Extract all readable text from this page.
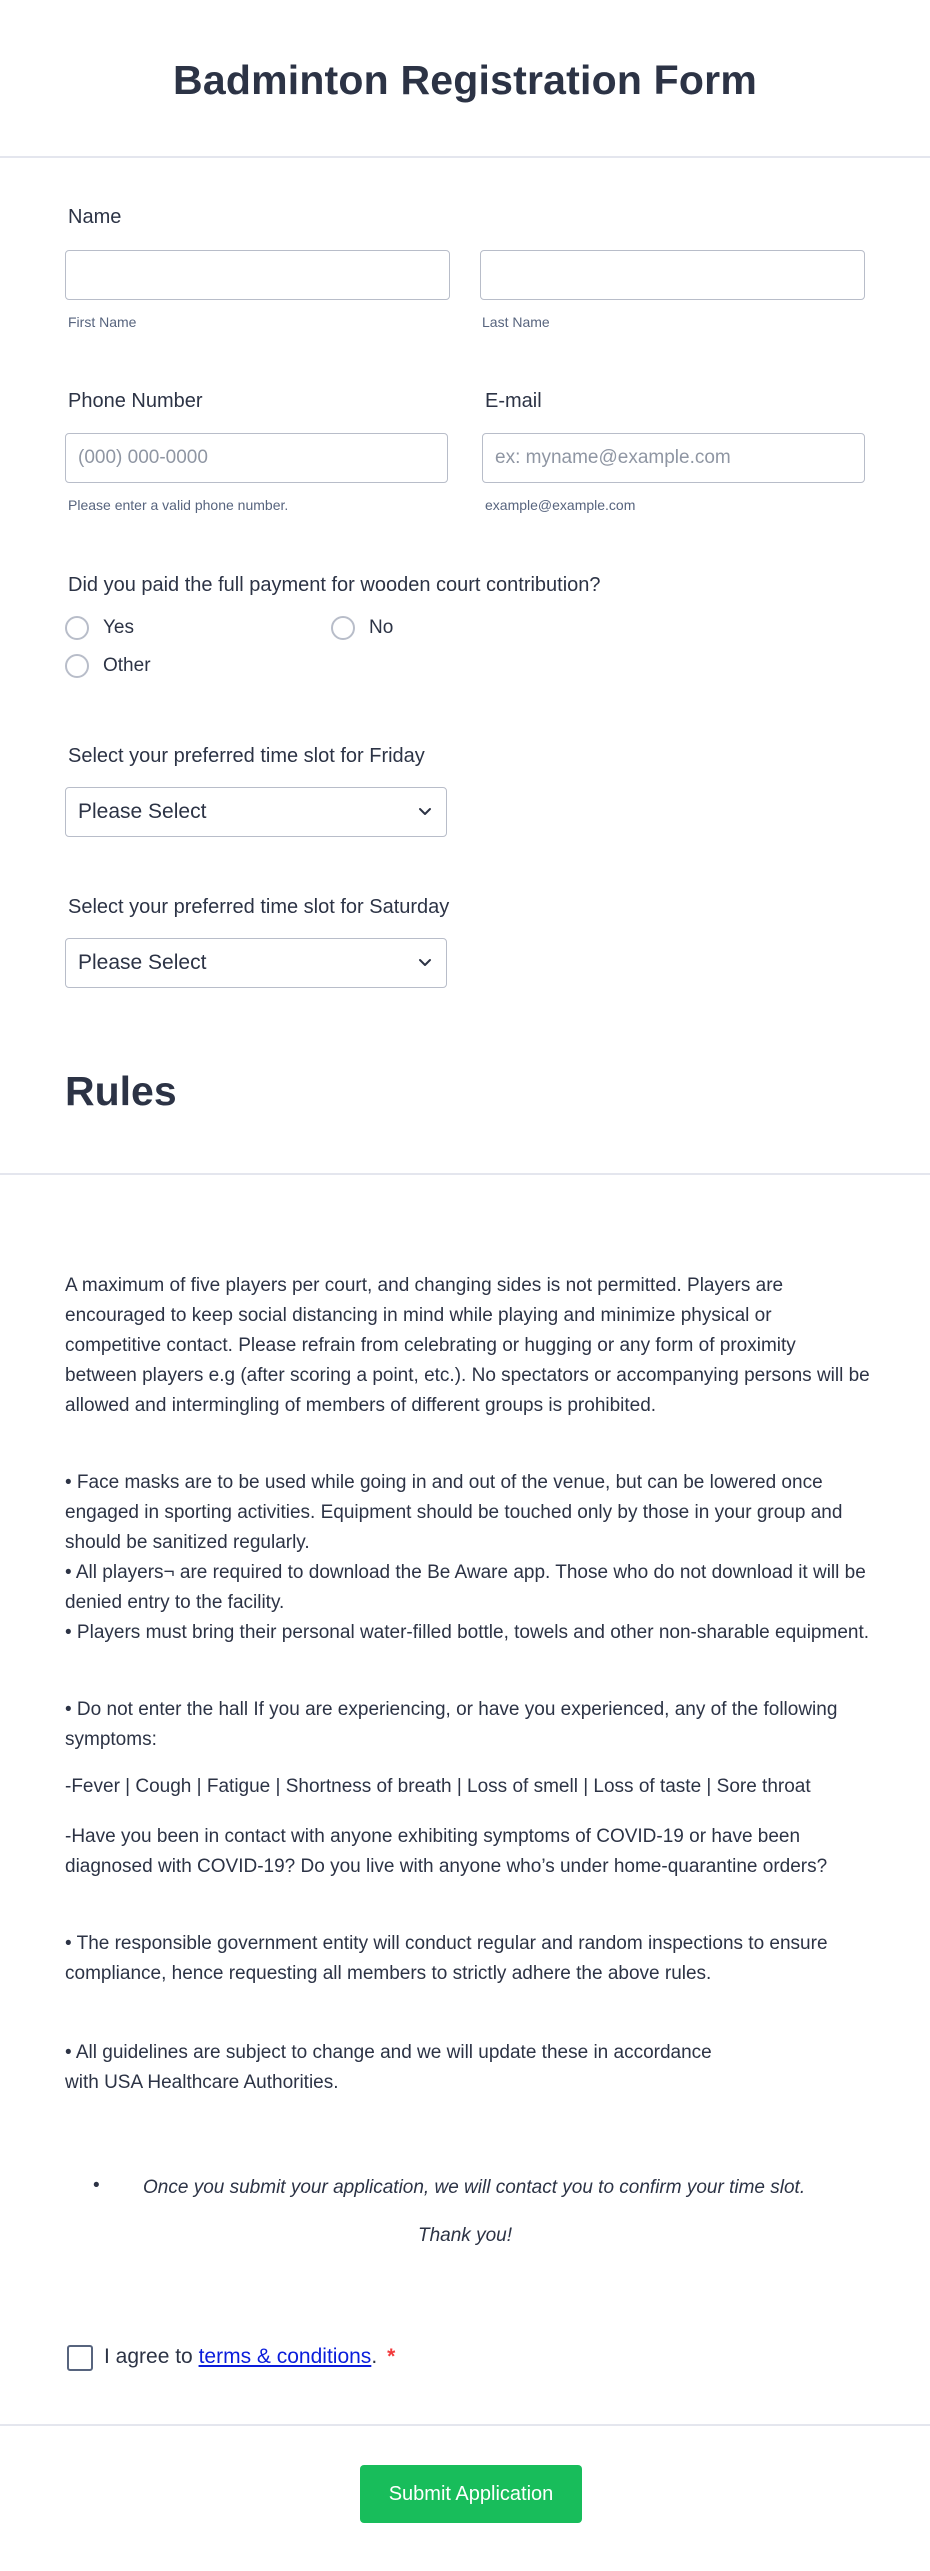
Badminton Registration Form
Name
First Name	Last Name
Phone Number	E-mail
(000) 000-0000
ex: myname@example.com
Please enter a valid phone number.	example@example.com
Did you paid the full payment for wooden court contribution?
Yes	No
Other
Select your preferred time slot for Friday
Please Select
Select your preferred time slot for Saturday
Please Select
Rules

A maximum of five players per court, and changing sides is not permitted. Players are encouraged to keep social distancing in mind while playing and minimize physical or competitive contact. Please refrain from celebrating or hugging or any form of proximity between players e.g (after scoring a point, etc.). No spectators or accompanying persons will be allowed and intermingling of members of different groups is prohibited.

• Face masks are to be used while going in and out of the venue, but can be lowered once engaged in sporting activities. Equipment should be touched only by those in your group and should be sanitized regularly.

• All players¬ are required to download the Be Aware app. Those who do not download it will be denied entry to the facility.

• Players must bring their personal water-filled bottle, towels and other non-sharable equipment.

• Do not enter the hall If you are experiencing, or have you experienced, any of the following symptoms:

-Fever | Cough | Fatigue | Shortness of breath | Loss of smell | Loss of taste | Sore throat

-Have you been in contact with anyone exhibiting symptoms of COVID-19 or have been diagnosed with COVID-19? Do you live with anyone who’s under home-quarantine orders?

• The responsible government entity will conduct regular and random inspections to ensure compliance, hence requesting all members to strictly adhere the above rules.

• All guidelines are subject to change and we will update these in accordance
with USA Healthcare Authorities.

• Once you submit your application, we will contact you to confirm your time slot.
Thank you!
I agree to terms & conditions. *
Submit Application
